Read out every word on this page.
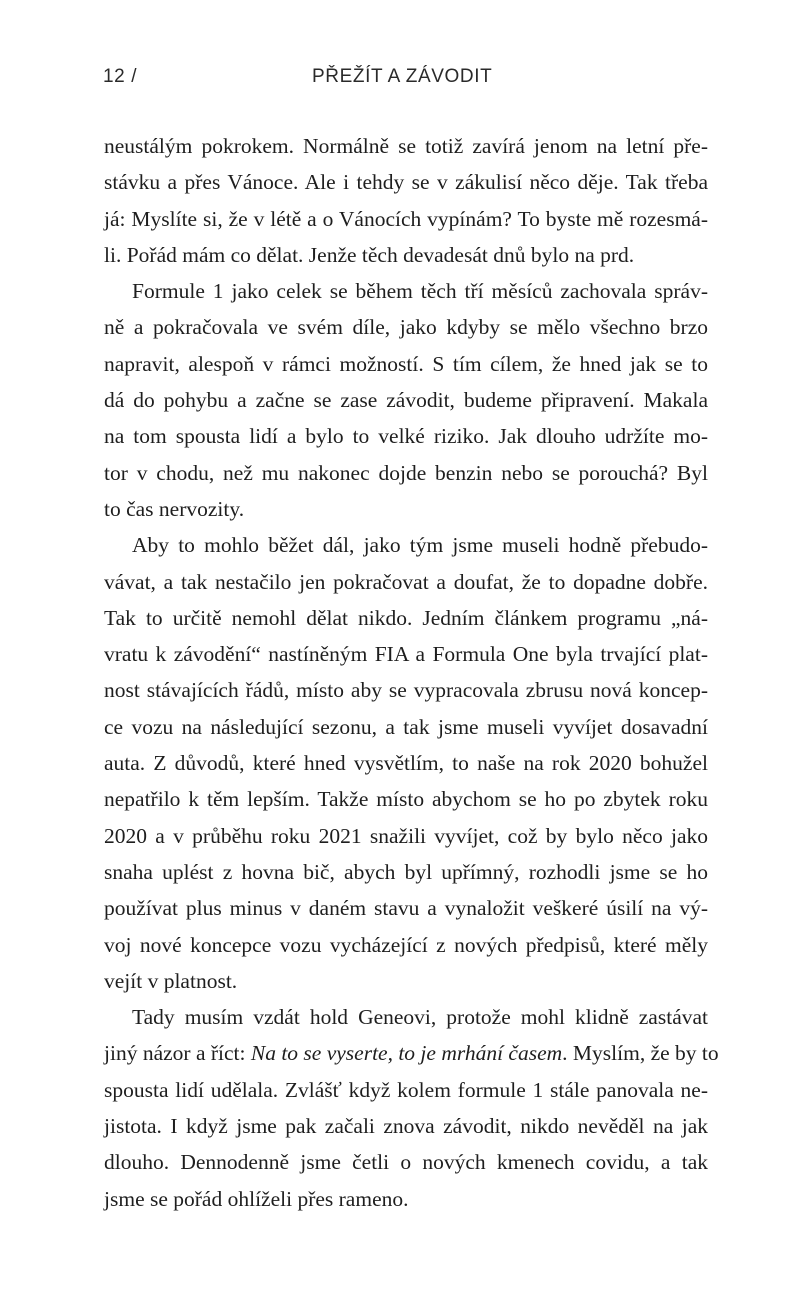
12 /	PŘEŽÍT A ZÁVODIT

neustálým pokrokem. Normálně se totiž zavírá jenom na letní pře-
stávku a přes Vánoce. Ale i tehdy se v zákulisí něco děje. Tak třeba
já: Myslíte si, že v létě a o Vánocích vypínám? To byste mě rozesmá-
li. Pořád mám co dělat. Jenže těch devadesát dnů bylo na prd.

Formule 1 jako celek se během těch tří měsíců zachovala správ-
ně a pokračovala ve svém díle, jako kdyby se mělo všechno brzo
napravit, alespoň v rámci možností. S tím cílem, že hned jak se to
dá do pohybu a začne se zase závodit, budeme připravení. Makala
na tom spousta lidí a bylo to velké riziko. Jak dlouho udržíte mo-
tor v chodu, než mu nakonec dojde benzin nebo se porouchá? Byl
to čas nervozity.

Aby to mohlo běžet dál, jako tým jsme museli hodně přebudo-
vávat, a tak nestačilo jen pokračovat a doufat, že to dopadne dobře.
Tak to určitě nemohl dělat nikdo. Jedním článkem programu „ná-
vratu k závodění“ nastíněným FIA a Formula One byla trvající plat-
nost stávajících řádů, místo aby se vypracovala zbrusu nová koncep-
ce vozu na následující sezonu, a tak jsme museli vyvíjet dosavadní
auta. Z důvodů, které hned vysvětlím, to naše na rok 2020 bohužel
nepatřilo k těm lepším. Takže místo abychom se ho po zbytek roku
2020 a v průběhu roku 2021 snažili vyvíjet, což by bylo něco jako
snaha uplést z hovna bič, abych byl upřímný, rozhodli jsme se ho
používat plus minus v daném stavu a vynaložit veškeré úsilí na vý-
voj nové koncepce vozu vycházející z nových předpisů, které měly
vejít v platnost.

Tady musím vzdát hold Geneovi, protože mohl klidně zastávat
jiný názor a říct: Na to se vyserte, to je mrhání časem. Myslím, že by to
spousta lidí udělala. Zvlášť když kolem formule 1 stále panovala ne-
jistota. I když jsme pak začali znova závodit, nikdo nevěděl na jak
dlouho. Dennodenně jsme četli o nových kmenech covidu, a tak
jsme se pořád ohlíželi přes rameno.
